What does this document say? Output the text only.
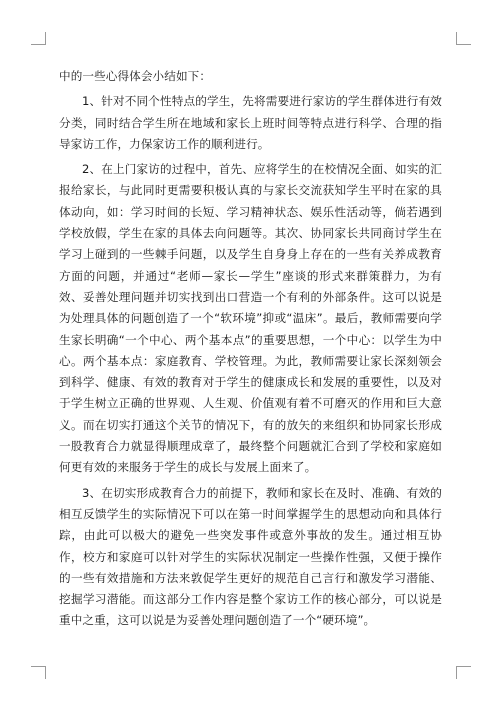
中的一些心得体会小结如下：

1、针对不同个性特点的学生，先将需要进行家访的学生群体进行有效分类，同时结合学生所在地域和家长上班时间等特点进行科学、合理的指导家访工作，力保家访工作的顺利进行。

2、在上门家访的过程中，首先、应将学生的在校情况全面、如实的汇报给家长，与此同时更需要积极认真的与家长交流获知学生平时在家的具体动向，如：学习时间的长短、学习精神状态、娱乐性活动等，倘若遇到学校放假，学生在家的具体去向问题等。其次、协同家长共同商讨学生在学习上碰到的一些棘手问题，以及学生自身身上存在的一些有关养成教育方面的问题，并通过“老师—家长—学生”座谈的形式来群策群力，为有效、妥善处理问题并切实找到出口营造一个有利的外部条件。这可以说是为处理具体的问题创造了一个“软环境”抑或“温床”。最后，教师需要向学生家长明确“一个中心、两个基本点”的重要思想，一个中心：以学生为中心。两个基本点：家庭教育、学校管理。为此，教师需要让家长深刻领会到科学、健康、有效的教育对于学生的健康成长和发展的重要性，以及对于学生树立正确的世界观、人生观、价值观有着不可磨灭的作用和巨大意义。而在切实打通这个关节的情况下，有的放矢的来组织和协同家长形成一股教育合力就显得顺理成章了，最终整个问题就汇合到了学校和家庭如何更有效的来服务于学生的成长与发展上面来了。

3、在切实形成教育合力的前提下，教师和家长在及时、准确、有效的相互反馈学生的实际情况下可以在第一时间掌握学生的思想动向和具体行踪，由此可以极大的避免一些突发事件或意外事故的发生。通过相互协作，校方和家庭可以针对学生的实际状况制定一些操作性强，又便于操作的一些有效措施和方法来敦促学生更好的规范自己言行和激发学习潜能、挖掘学习潜能。而这部分工作内容是整个家访工作的核心部分，可以说是重中之重，这可以说是为妥善处理问题创造了一个“硬环境”。
